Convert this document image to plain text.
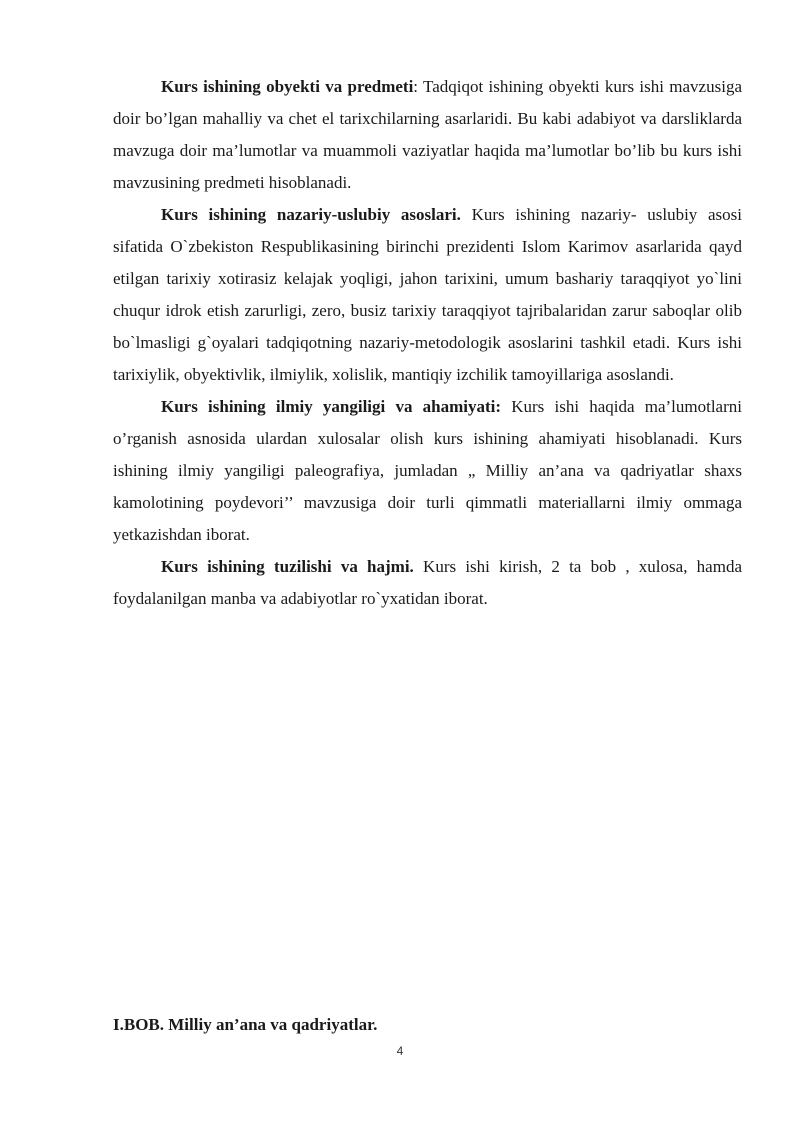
Kurs ishining obyekti va predmeti: Tadqiqot ishining obyekti kurs ishi mavzusiga doir bo’lgan mahalliy va chet el tarixchilarning asarlaridi. Bu kabi adabiyot va darsliklarda mavzuga doir ma’lumotlar va muammoli vaziyatlar haqida ma’lumotlar bo’lib bu kurs ishi mavzusining predmeti hisoblanadi.

Kurs ishining nazariy-uslubiy asoslari. Kurs ishining nazariy- uslubiy asosi sifatida O`zbekiston Respublikasining birinchi prezidenti Islom Karimov asarlarida qayd etilgan tarixiy xotirasiz kelajak yoqligi, jahon tarixini, umum bashariy taraqqiyot yo`lini chuqur idrok etish zarurligi, zero, busiz tarixiy taraqqiyot tajribalaridan zarur saboqlar olib bo`lmasligi g`oyalari tadqiqotning nazariy-metodologik asoslarini tashkil etadi. Kurs ishi tarixiylik, obyektivlik, ilmiylik, xolislik, mantiqiy izchilik tamoyillariga asoslandi.

Kurs ishining ilmiy yangiligi va ahamiyati: Kurs ishi haqida ma’lumotlarni o’rganish asnosida ulardan xulosalar olish kurs ishining ahamiyati hisoblanadi. Kurs ishining ilmiy yangiligi paleografiya, jumladan „ Milliy an’ana va qadriyatlar shaxs kamolotining poydevori’’ mavzusiga doir turli qimmatli materiallarni ilmiy ommaga yetkazishdan iborat.

Kurs ishining tuzilishi va hajmi. Kurs ishi kirish, 2 ta bob , xulosa, hamda foydalanilgan manba va adabiyotlar ro`yxatidan iborat.

I.BOB. Milliy an’ana va qadriyatlar.
4
